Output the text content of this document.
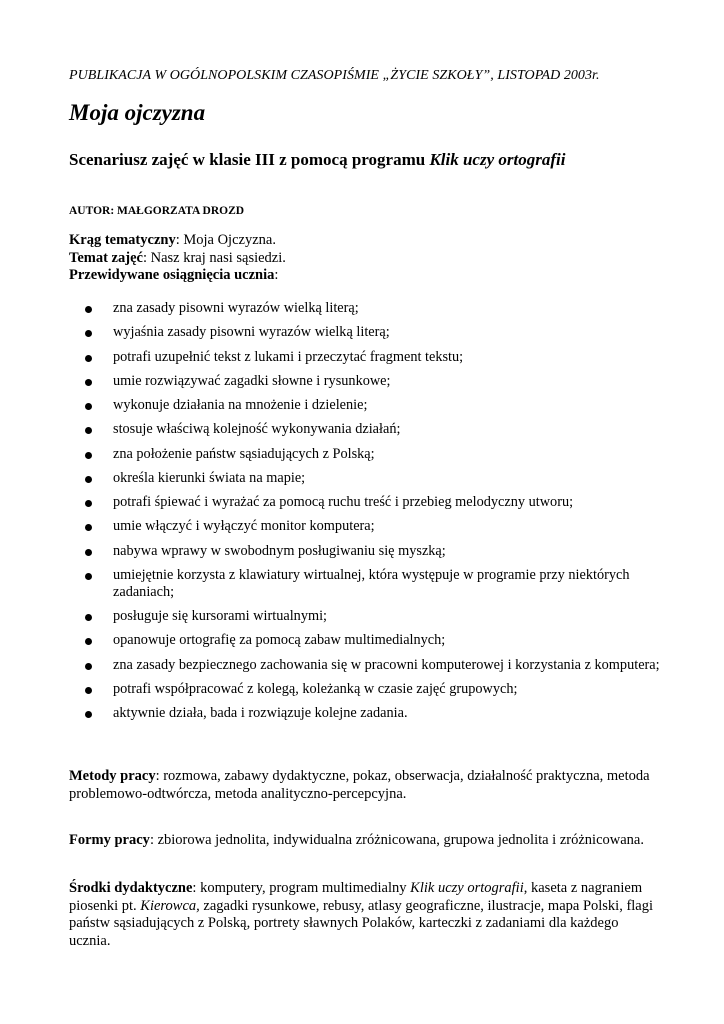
PUBLIKACJA W OGÓLNOPOLSKIM CZASOPIŚMIE „ŻYCIE SZKOŁY”, LISTOPAD 2003r.
Moja ojczyzna
Scenariusz zajęć w klasie III z pomocą programu Klik uczy ortografii
AUTOR: MAŁGORZATA DROZD
Krąg tematyczny: Moja Ojczyzna.
Temat zajęć: Nasz kraj nasi sąsiedzi.
Przewidywane osiągnięcia ucznia:
zna zasady pisowni wyrazów wielką literą;
wyjaśnia zasady pisowni wyrazów wielką literą;
potrafi uzupełnić tekst z lukami i przeczytać fragment tekstu;
umie rozwiązywać zagadki słowne i rysunkowe;
wykonuje działania na mnożenie i dzielenie;
stosuje właściwą kolejność wykonywania działań;
zna położenie państw sąsiadujących z Polską;
określa kierunki świata na mapie;
potrafi śpiewać i wyrażać za pomocą ruchu treść i przebieg melodyczny utworu;
umie włączyć i wyłączyć monitor komputera;
nabywa wprawy w swobodnym posługiwaniu się myszką;
umiejętnie korzysta z klawiatury wirtualnej, która występuje w programie przy niektórych zadaniach;
posługuje się kursorami wirtualnymi;
opanowuje ortografię za pomocą zabaw multimedialnych;
zna zasady bezpiecznego zachowania się w pracowni komputerowej i korzystania z komputera;
potrafi współpracować z kolegą, koleżanką w czasie zajęć grupowych;
aktywnie działa, bada i rozwiązuje kolejne zadania.
Metody pracy: rozmowa, zabawy dydaktyczne, pokaz, obserwacja, działalność praktyczna, metoda problemowo-odtwórcza, metoda analityczno-percepcyjna.
Formy pracy: zbiorowa jednolita, indywidualna zróżnicowana, grupowa jednolita i zróżnicowana.
Środki dydaktyczne: komputery, program multimedialny Klik uczy ortografii, kaseta z nagraniem piosenki pt. Kierowca, zagadki rysunkowe, rebusy, atlasy geograficzne, ilustracje, mapa Polski, flagi państw sąsiadujących z Polską, portrety sławnych Polaków, karteczki z zadaniami dla każdego ucznia.
